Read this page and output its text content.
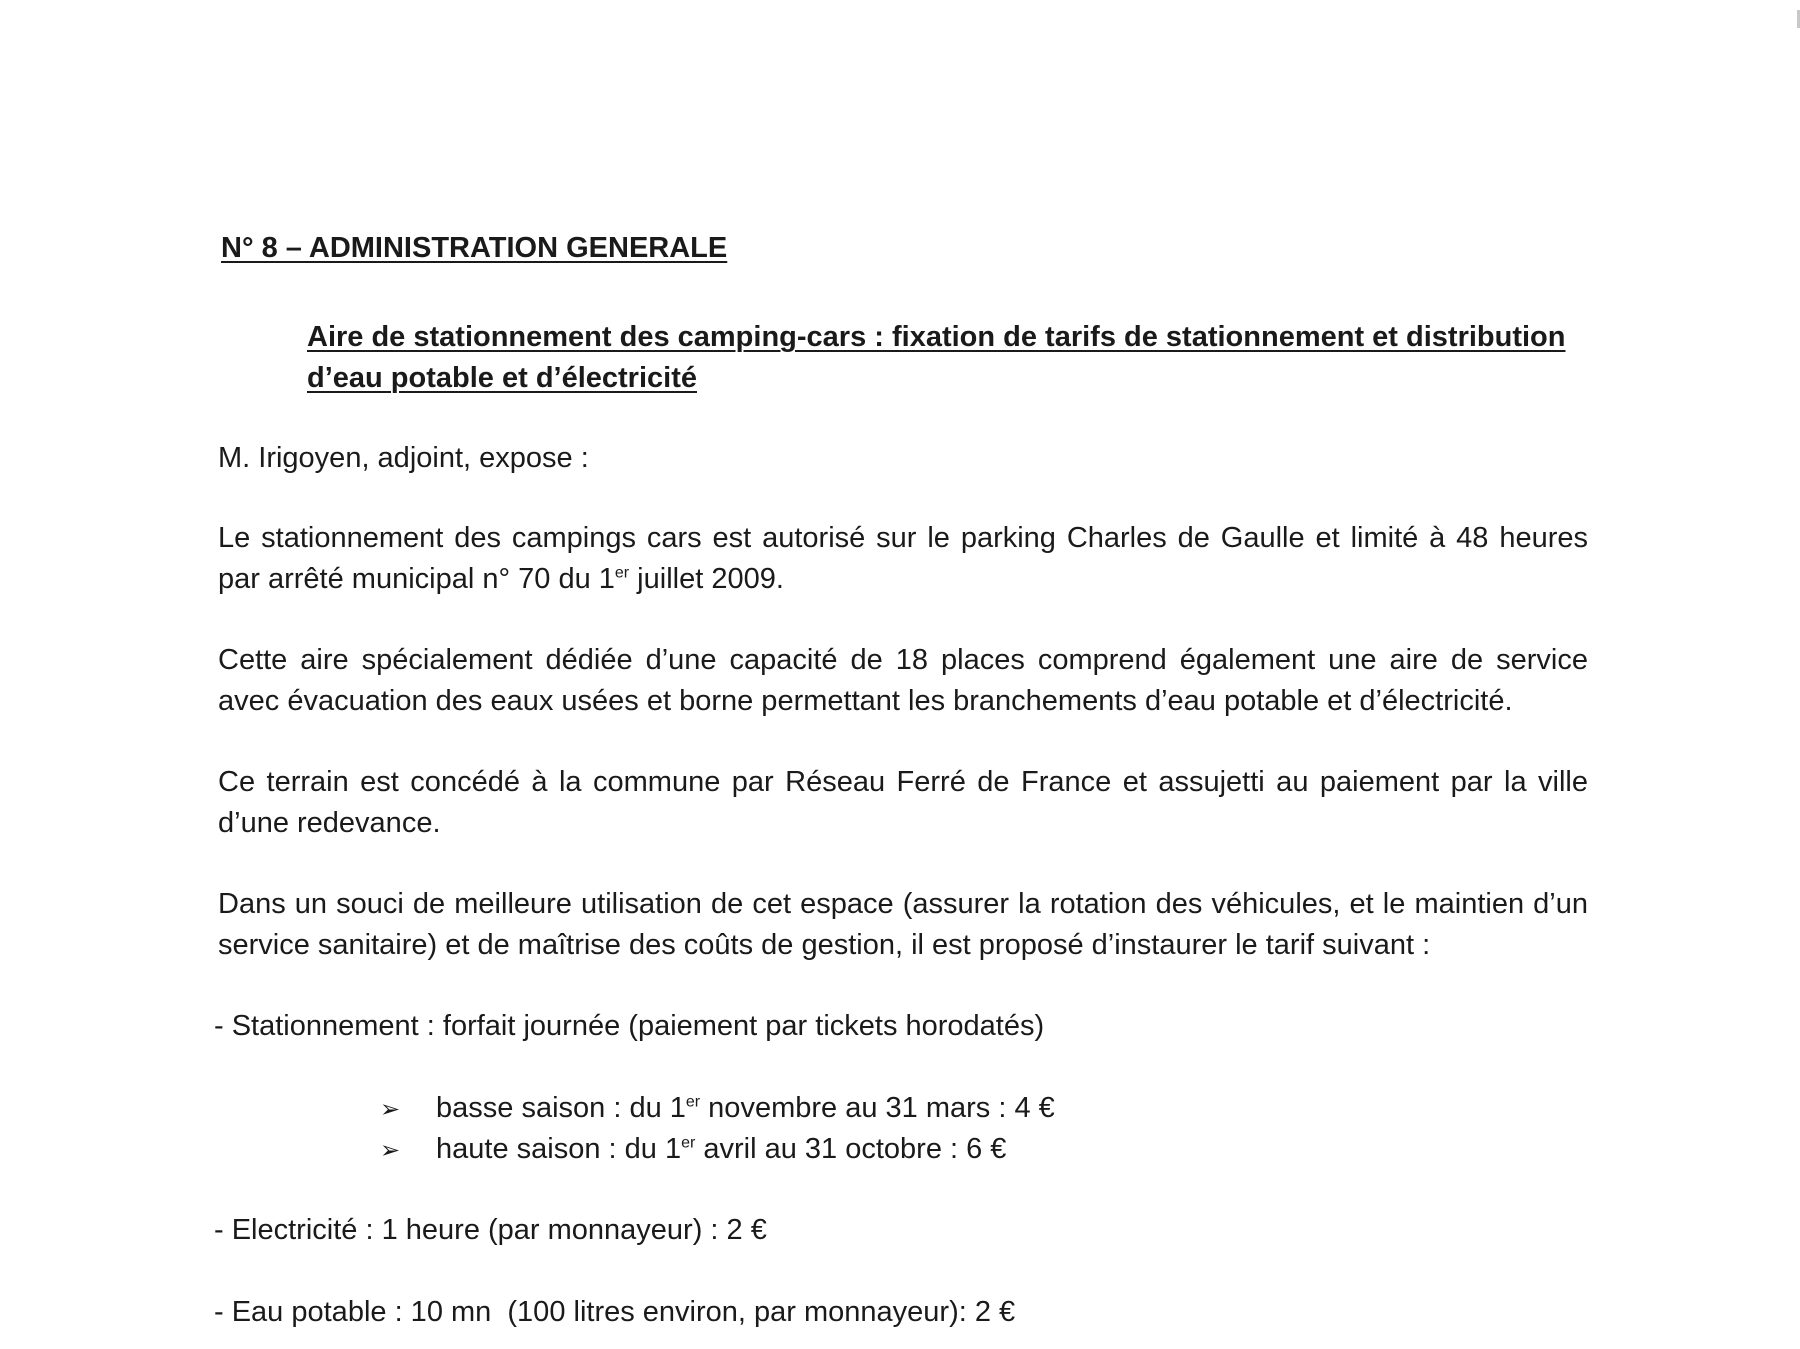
N° 8 – ADMINISTRATION GENERALE
Aire de stationnement des camping-cars : fixation de tarifs de stationnement et distribution d’eau potable et d’électricité
M. Irigoyen, adjoint, expose :
Le stationnement des campings cars est autorisé sur le parking Charles de Gaulle et limité à 48 heures par arrêté municipal n° 70 du 1er juillet 2009.
Cette aire spécialement dédiée d’une capacité de 18 places comprend également une aire de service avec évacuation des eaux usées et borne permettant les branchements d’eau potable et d’électricité.
Ce terrain est concédé à la commune par Réseau Ferré de France et assujetti au paiement par la ville d’une redevance.
Dans un souci de meilleure utilisation de cet espace (assurer la rotation des véhicules, et le maintien d’un service sanitaire) et de maîtrise des coûts de gestion, il est proposé d’instaurer le tarif suivant :
- Stationnement : forfait journée (paiement par tickets horodatés)
➢ basse saison : du 1er novembre au 31 mars : 4 €
➢ haute saison : du 1er avril au 31 octobre : 6 €
- Electricité : 1 heure (par monnayeur) : 2 €
- Eau potable : 10 mn  (100 litres environ, par monnayeur): 2 €
